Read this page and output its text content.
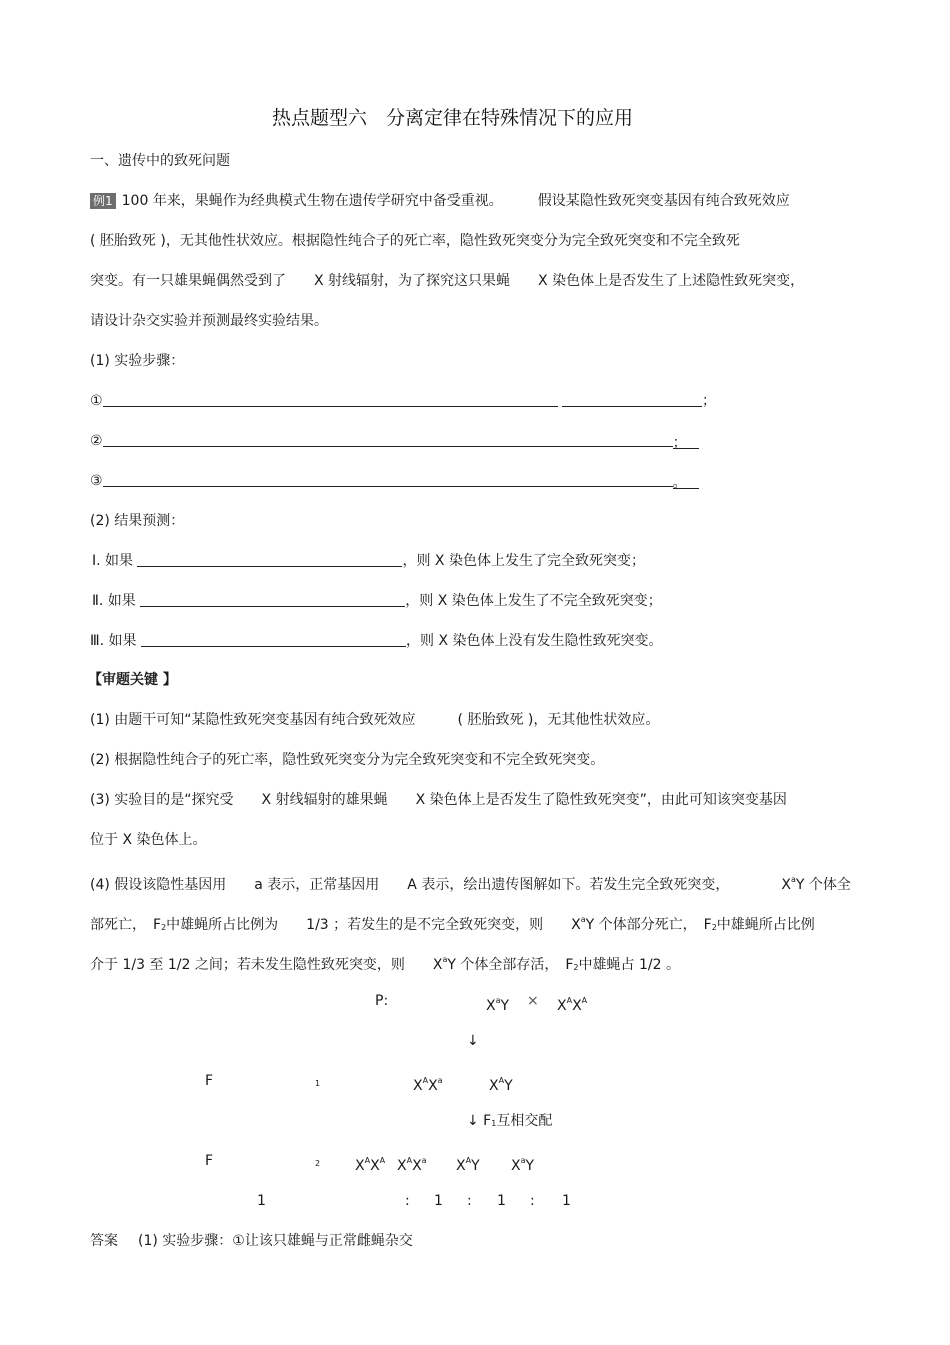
热点题型六　分离定律在特殊情况下的应用
一、遗传中的致死问题
例1 100 年来，果蝇作为经典模式生物在遗传学研究中备受重视。　　　假设某隐性致死突变基因有纯合致死效应
( 胚胎致死 )，无其他性状效应。根据隐性纯合子的死亡率，隐性致死突变分为完全致死突变和不完全致死
突变。有一只雄果蝇偶然受到了　　X 射线辐射，为了探究这只果蝇　　X 染色体上是否发生了上述隐性致死突变，
请设计杂交实验并预测最终实验结果。
(1) 实验步骤：
①	；
②	；
③	。
(2) 结果预测：
Ⅰ. 如果	，则 X 染色体上发生了完全致死突变；
Ⅱ. 如果	，则 X 染色体上发生了不完全致死突变；
Ⅲ. 如果	，则 X 染色体上没有发生隐性致死突变。
【审题关键 】
(1) 由题干可知“某隐性致死突变基因有纯合致死效应　　　( 胚胎致死 )，无其他性状效应。
(2) 根据隐性纯合子的死亡率，隐性致死突变分为完全致死突变和不完全致死突变。
(3) 实验目的是“探究受　　X 射线辐射的雄果蝇　　X 染色体上是否发生了隐性致死突变”，由此可知该突变基因
位于 X 染色体上。
(4) 假设该隐性基因用　　a 表示，正常基因用　　A 表示，绘出遗传图解如下。若发生完全致死突变，	$X^aY$ 个体全
部死亡，　$F_2$中雄蝇所占比例为　　1/3 ；若发生的是不完全致死突变，则　　$X^aY$ 个体部分死亡，　$F_2$中雄蝇所占比例
介于 1/3 至 1/2 之间；若未发生隐性致死突变，则　　$X^aY$ 个体全部存活，　$F_2$中雄蝇占 1/2 。
P:	$X^aY \times X^AX^A$
↓
F	1	$X^AX^a$	$X^AY$
↓ $F_1$互相交配
F	2 $X^AX^A$ $X^AX^a$ $X^AY$ $X^aY$
1	: 1 : 1 : 1
答案 (1) 实验步骤：①让该只雄蝇与正常雌蝇杂交
